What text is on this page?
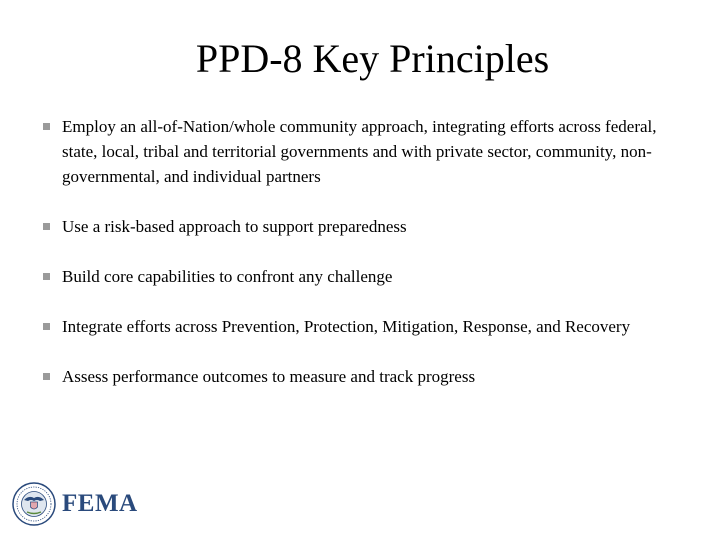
PPD-8 Key Principles
Employ an all-of-Nation/whole community approach, integrating efforts across federal, state, local, tribal and territorial governments and with private sector, community, non-governmental, and individual partners
Use a risk-based approach to support preparedness
Build core capabilities to confront any challenge
Integrate efforts across Prevention, Protection, Mitigation, Response, and Recovery
Assess performance outcomes to measure and track progress
FEMA
